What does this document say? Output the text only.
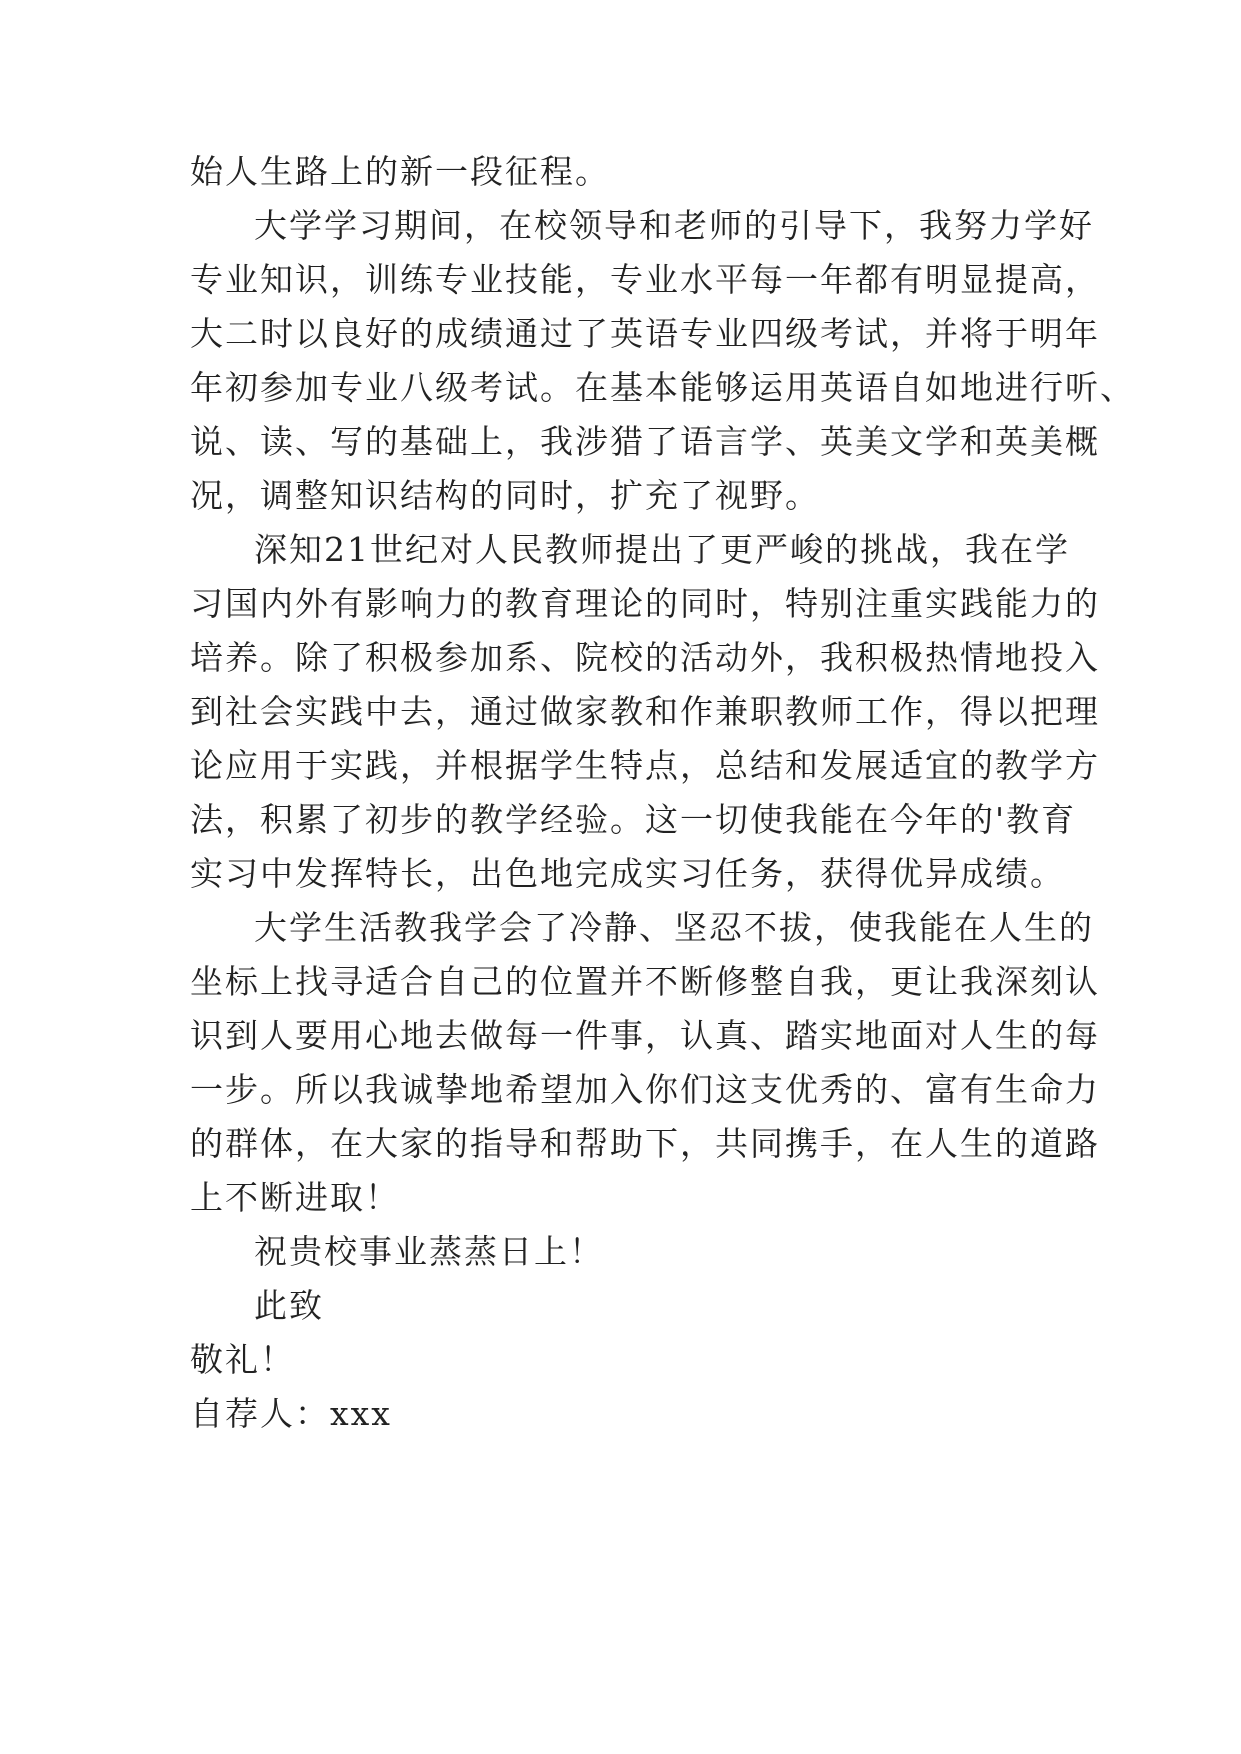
始人生路上的新一段征程。

大学学习期间，在校领导和老师的引导下，我努力学好

专业知识，训练专业技能，专业水平每一年都有明显提高，

大二时以良好的成绩通过了英语专业四级考试，并将于明年

年初参加专业八级考试。在基本能够运用英语自如地进行听、

说、读、写的基础上，我涉猎了语言学、英美文学和英美概

况，调整知识结构的同时，扩充了视野。

深知21世纪对人民教师提出了更严峻的挑战，我在学

习国内外有影响力的教育理论的同时，特别注重实践能力的

培养。除了积极参加系、院校的活动外，我积极热情地投入

到社会实践中去，通过做家教和作兼职教师工作，得以把理

论应用于实践，并根据学生特点，总结和发展适宜的教学方

法，积累了初步的教学经验。这一切使我能在今年的'教育

实习中发挥特长，出色地完成实习任务，获得优异成绩。

大学生活教我学会了冷静、坚忍不拔，使我能在人生的

坐标上找寻适合自己的位置并不断修整自我，更让我深刻认

识到人要用心地去做每一件事，认真、踏实地面对人生的每

一步。所以我诚挚地希望加入你们这支优秀的、富有生命力

的群体，在大家的指导和帮助下，共同携手，在人生的道路

上不断进取！

祝贵校事业蒸蒸日上！

此致

敬礼！

自荐人：xxx
